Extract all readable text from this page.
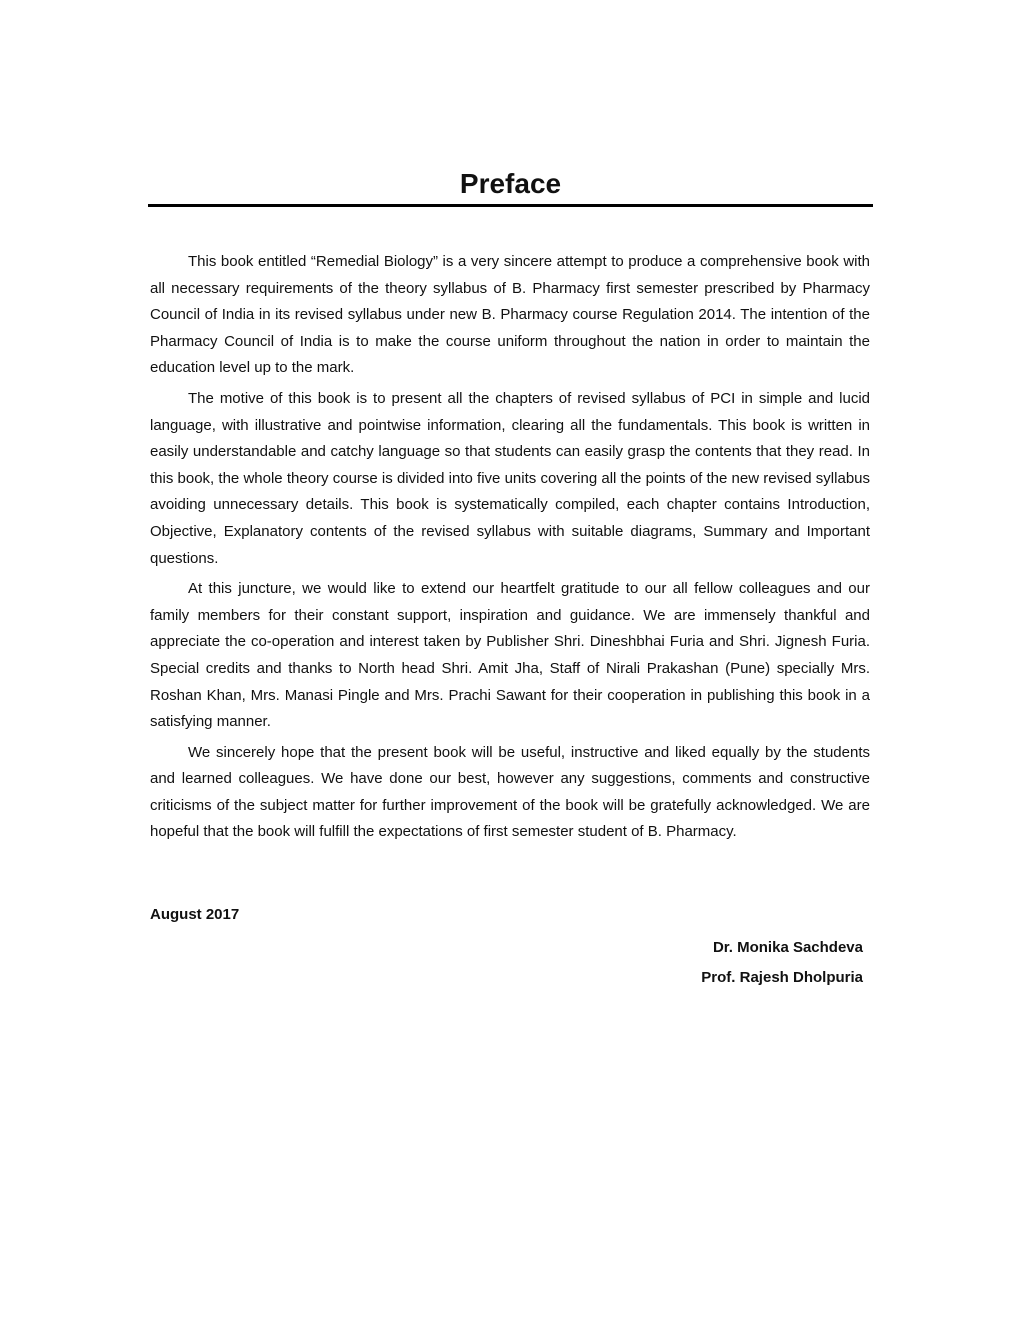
Preface

This book entitled “Remedial Biology” is a very sincere attempt to produce a comprehensive book with all necessary requirements of the theory syllabus of B. Pharmacy first semester prescribed by Pharmacy Council of India in its revised syllabus under new B. Pharmacy course Regulation 2014. The intention of the Pharmacy Council of India is to make the course uniform throughout the nation in order to maintain the education level up to the mark.

The motive of this book is to present all the chapters of revised syllabus of PCI in simple and lucid language, with illustrative and pointwise information, clearing all the fundamentals. This book is written in easily understandable and catchy language so that students can easily grasp the contents that they read. In this book, the whole theory course is divided into five units covering all the points of the new revised syllabus avoiding unnecessary details. This book is systematically compiled, each chapter contains Introduction, Objective, Explanatory contents of the revised syllabus with suitable diagrams, Summary and Important questions.

At this juncture, we would like to extend our heartfelt gratitude to our all fellow colleagues and our family members for their constant support, inspiration and guidance. We are immensely thankful and appreciate the co-operation and interest taken by Publisher Shri. Dineshbhai Furia and Shri. Jignesh Furia. Special credits and thanks to North head Shri. Amit Jha, Staff of Nirali Prakashan (Pune) specially Mrs. Roshan Khan, Mrs. Manasi Pingle and Mrs. Prachi Sawant for their cooperation in publishing this book in a satisfying manner.

We sincerely hope that the present book will be useful, instructive and liked equally by the students and learned colleagues. We have done our best, however any suggestions, comments and constructive criticisms of the subject matter for further improvement of the book will be gratefully acknowledged. We are hopeful that the book will fulfill the expectations of first semester student of B. Pharmacy.

August 2017

Dr. Monika Sachdeva
Prof. Rajesh Dholpuria
